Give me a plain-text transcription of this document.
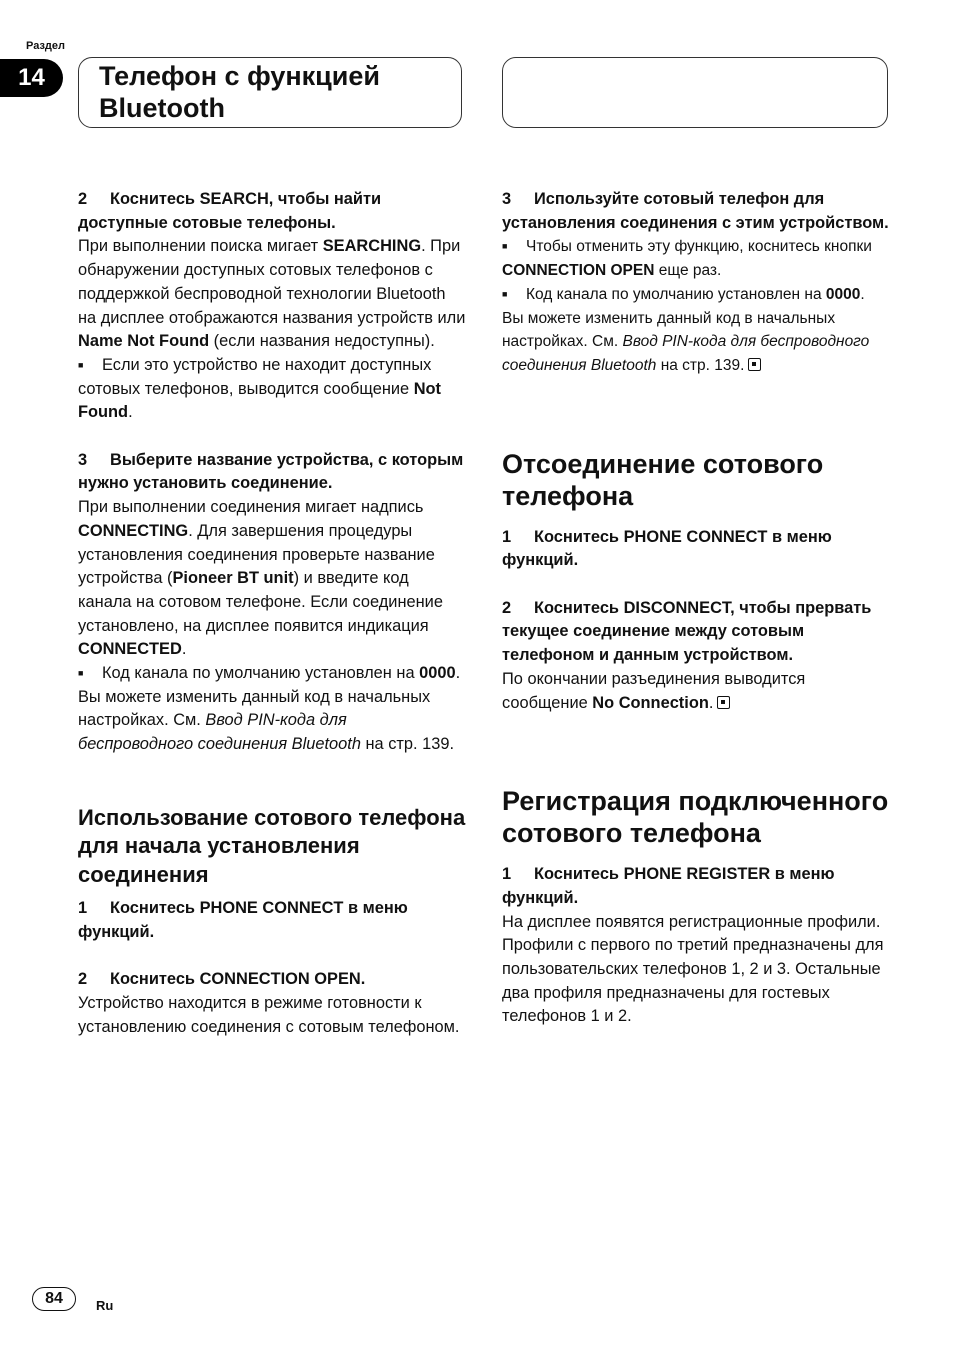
Раздел
14	Телефон с функцией
Bluetooth

2 Коснитесь SEARCH, чтобы найти доступные сотовые телефоны.

При выполнении поиска мигает SEARCHING. При обнаружении доступных сотовых телефонов с поддержкой беспроводной технологии Bluetooth на дисплее отображаются названия устройств или Name Not Found (если названия недоступны).

■ Если это устройство не находит доступных сотовых телефонов, выводится сообщение Not Found.

3 Выберите название устройства, с которым нужно установить соединение.

При выполнении соединения мигает надпись CONNECTING. Для завершения процедуры установления соединения проверьте название устройства (Pioneer BT unit) и введите код канала на сотовом телефоне. Если соединение установлено, на дисплее появится индикация CONNECTED.

■ Код канала по умолчанию установлен на 0000. Вы можете изменить данный код в начальных настройках. См. Ввод PIN-кода для беспроводного соединения Bluetooth на стр. 139.

Использование сотового телефона для начала установления соединения

1 Коснитесь PHONE CONNECT в меню функций.

2 Коснитесь CONNECTION OPEN.

Устройство находится в режиме готовности к установлению соединения с сотовым телефоном.

3 Используйте сотовый телефон для установления соединения с этим устройством.

■ Чтобы отменить эту функцию, коснитесь кнопки CONNECTION OPEN еще раз.

■ Код канала по умолчанию установлен на 0000. Вы можете изменить данный код в начальных настройках. См. Ввод PIN-кода для беспроводного соединения Bluetooth на стр. 139.

Отсоединение сотового телефона

1 Коснитесь PHONE CONNECT в меню функций.

2 Коснитесь DISCONNECT, чтобы прервать текущее соединение между сотовым телефоном и данным устройством.

По окончании разъединения выводится сообщение No Connection.

Регистрация подключенного сотового телефона

1 Коснитесь PHONE REGISTER в меню функций.

На дисплее появятся регистрационные профили. Профили с первого по третий предназначены для пользовательских телефонов 1, 2 и 3. Остальные два профиля предназначены для гостевых телефонов 1 и 2.

84	Ru
